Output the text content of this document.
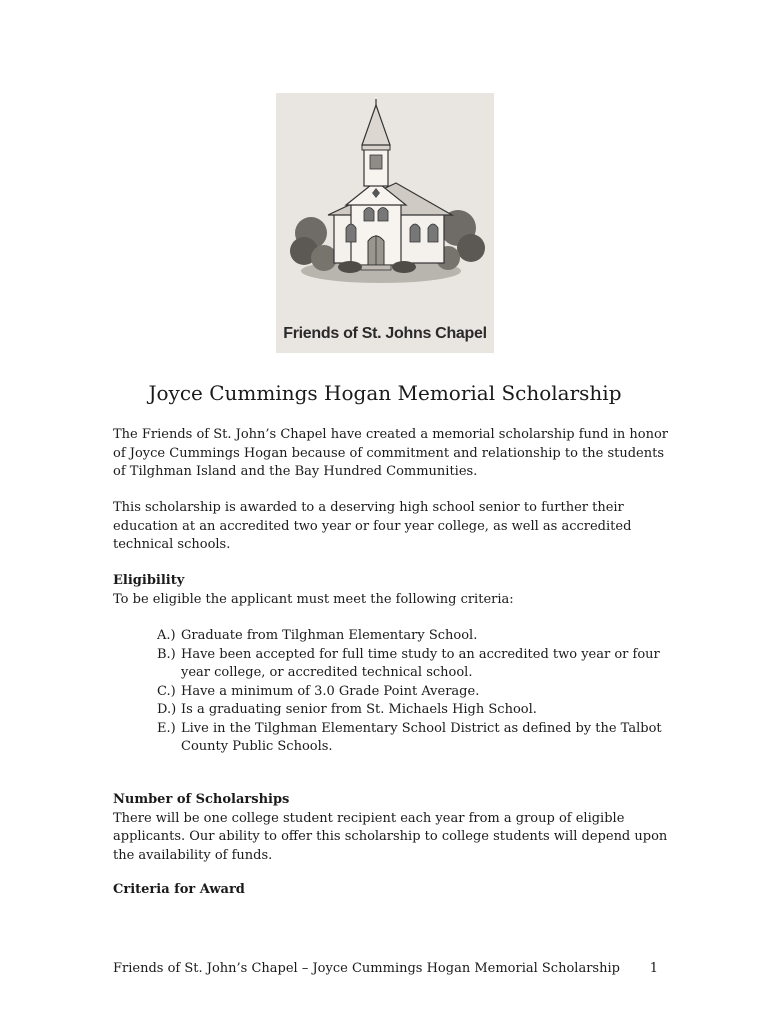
Friends of St. Johns Chapel
Joyce Cummings Hogan Memorial Scholarship

The Friends of St. John’s Chapel have created a memorial scholarship fund in honor of Joyce Cummings Hogan because of commitment and relationship to the students of Tilghman Island and the Bay Hundred Communities.

This scholarship is awarded to a deserving high school senior to further their education at an accredited two year or four year college, as well as accredited technical schools.

Eligibility

To be eligible the applicant must meet the following criteria:

A.) Graduate from Tilghman Elementary School.
B.) Have been accepted for full time study to an accredited two year or four year college, or accredited technical school.
C.) Have a minimum of 3.0 Grade Point Average.
D.) Is a graduating senior from St. Michaels High School.
E.) Live in the Tilghman Elementary School District as defined by the Talbot County Public Schools.

Number of Scholarships

There will be one college student recipient each year from a group of eligible applicants. Our ability to offer this scholarship to college students will depend upon the availability of funds.

Criteria for Award

Friends of St. John’s Chapel – Joyce Cummings Hogan Memorial Scholarship 1
